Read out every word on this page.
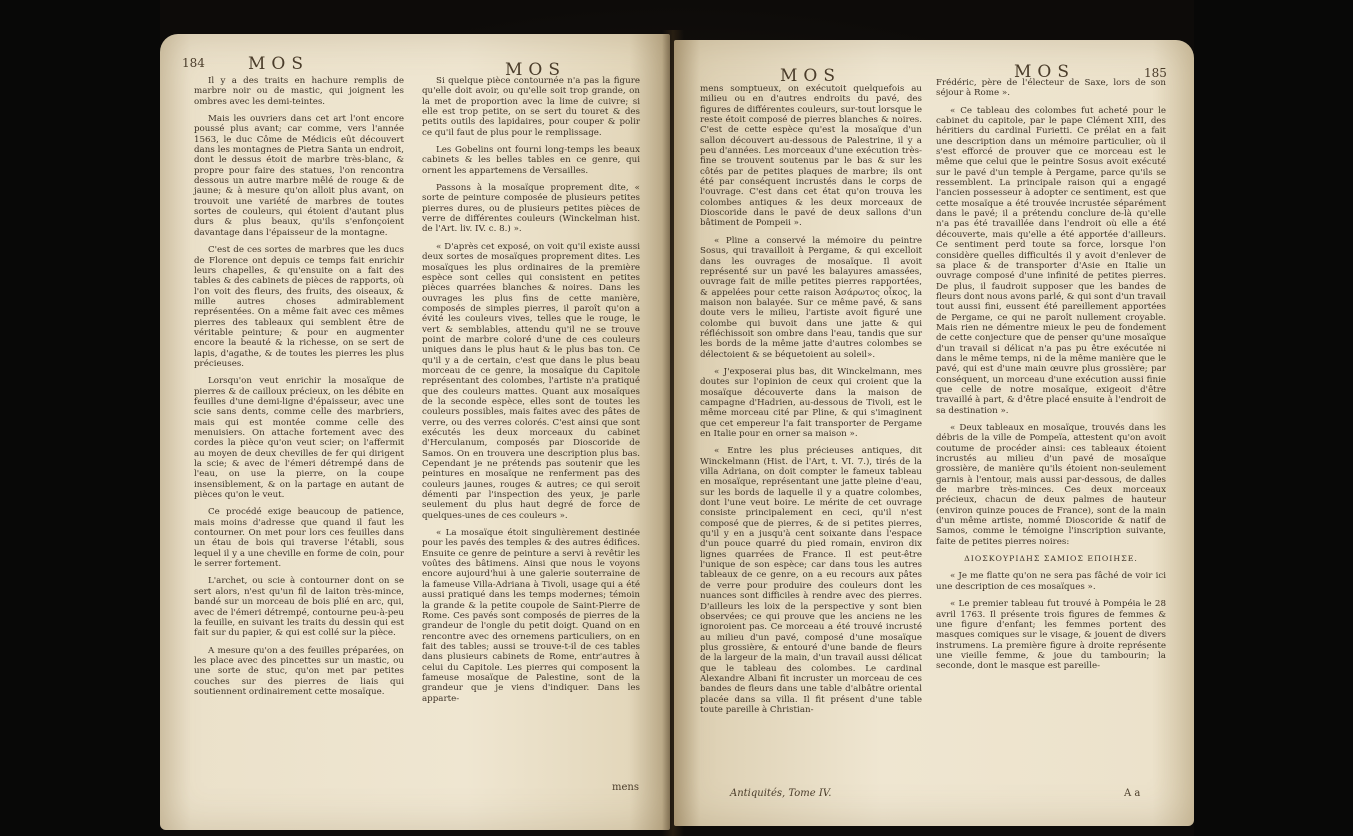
184	MOS	MOS

Il y a des traits en hachure remplis de marbre noir ou de mastic, qui joignent les ombres avec les demi-teintes.

Mais les ouvriers dans cet art l'ont encore poussé plus avant; car comme, vers l'année 1563, le duc Côme de Médicis eût découvert dans les montagnes de Pietra Santa un endroit, dont le dessus étoit de marbre très-blanc, & propre pour faire des statues, l'on rencontra dessous un autre marbre mêlé de rouge & de jaune; & à mesure qu'on alloit plus avant, on trouvoit une variété de marbres de toutes sortes de couleurs, qui étoient d'autant plus durs & plus beaux, qu'ils s'enfonçoient davantage dans l'épaisseur de la montagne.

C'est de ces sortes de marbres que les ducs de Florence ont depuis ce temps fait enrichir leurs chapelles, & qu'ensuite on a fait des tables & des cabinets de pièces de rapports, où l'on voit des fleurs, des fruits, des oiseaux, & mille autres choses admirablement représentées. On a même fait avec ces mêmes pierres des tableaux qui semblent être de véritable peinture; & pour en augmenter encore la beauté & la richesse, on se sert de lapis, d'agathe, & de toutes les pierres les plus précieuses.

Lorsqu'on veut enrichir la mosaïque de pierres & de cailloux précieux, on les débite en feuilles d'une demi-ligne d'épaisseur, avec une scie sans dents, comme celle des marbriers, mais qui est montée comme celle des menuisiers. On attache fortement avec des cordes la pièce qu'on veut scier; on l'affermit au moyen de deux chevilles de fer qui dirigent la scie; & avec de l'émeri détrempé dans de l'eau, on use la pierre, on la coupe insensiblement, & on la partage en autant de pièces qu'on le veut.

Ce procédé exige beaucoup de patience, mais moins d'adresse que quand il faut les contourner. On met pour lors ces feuilles dans un étau de bois qui traverse l'établi, sous lequel il y a une cheville en forme de coin, pour le serrer fortement.

L'archet, ou scie à contourner dont on se sert alors, n'est qu'un fil de laiton très-mince, bandé sur un morceau de bois plié en arc, qui, avec de l'émeri détrempé, contourne peu-à-peu la feuille, en suivant les traits du dessin qui est fait sur du papier, & qui est collé sur la pièce.

A mesure qu'on a des feuilles préparées, on les place avec des pincettes sur un mastic, ou une sorte de stuc, qu'on met par petites couches sur des pierres de liais qui soutiennent ordinairement cette mosaïque.

Si quelque pièce contournée n'a pas la figure qu'elle doit avoir, ou qu'elle soit trop grande, on la met de proportion avec la lime de cuivre; si elle est trop petite, on se sert du touret & des petits outils des lapidaires, pour couper & polir ce qu'il faut de plus pour le remplissage.

Les Gobelins ont fourni long-temps les beaux cabinets & les belles tables en ce genre, qui ornent les appartemens de Versailles.

Passons à la mosaïque proprement dite, « sorte de peinture composée de plusieurs petites pierres dures, ou de plusieurs petites pièces de verre de différentes couleurs (Winckelman hist. de l'Art. liv. IV. c. 8.) ».

« D'après cet exposé, on voit qu'il existe aussi deux sortes de mosaïques proprement dites. Les mosaïques les plus ordinaires de la première espèce sont celles qui consistent en petites pièces quarrées blanches & noires. Dans les ouvrages les plus fins de cette manière, composés de simples pierres, il paroît qu'on a évité les couleurs vives, telles que le rouge, le vert & semblables, attendu qu'il ne se trouve point de marbre coloré d'une de ces couleurs uniques dans le plus haut & le plus bas ton. Ce qu'il y a de certain, c'est que dans le plus beau morceau de ce genre, la mosaïque du Capitole représentant des colombes, l'artiste n'a pratiqué que des couleurs mattes. Quant aux mosaïques de la seconde espèce, elles sont de toutes les couleurs possibles, mais faites avec des pâtes de verre, ou des verres colorés. C'est ainsi que sont exécutés les deux morceaux du cabinet d'Herculanum, composés par Dioscoride de Samos. On en trouvera une description plus bas. Cependant je ne prétends pas soutenir que les peintures en mosaïque ne renferment pas des couleurs jaunes, rouges & autres; ce qui seroit démenti par l'inspection des yeux, je parle seulement du plus haut degré de force de quelques-unes de ces couleurs ».

« La mosaïque étoit singulièrement destinée pour les pavés des temples & des autres édifices. Ensuite ce genre de peinture a servi à revêtir les voûtes des bâtimens. Ainsi que nous le voyons encore aujourd'hui à une galerie souterraine de la fameuse Villa-Adriana à Tivoli, usage qui a été aussi pratiqué dans les temps modernes; témoin la grande & la petite coupole de Saint-Pierre de Rome. Ces pavés sont composés de pierres de la grandeur de l'ongle du petit doigt. Quand on en rencontre avec des ornemens particuliers, on en fait des tables; aussi se trouve-t-il de ces tables dans plusieurs cabinets de Rome, entr'autres à celui du Capitole. Les pierres qui composent la fameuse mosaïque de Palestine, sont de la grandeur que je viens d'indiquer. Dans les apparte-

mens
MOS	MOS	185

mens somptueux, on exécutoit quelquefois au milieu ou en d'autres endroits du pavé, des figures de différentes couleurs, sur-tout lorsque le reste étoit composé de pierres blanches & noires. C'est de cette espèce qu'est la mosaïque d'un sallon découvert au-dessous de Palestrine, il y a peu d'années. Les morceaux d'une exécution très-fine se trouvent soutenus par le bas & sur les côtés par de petites plaques de marbre; ils ont été par conséquent incrustés dans le corps de l'ouvrage. C'est dans cet état qu'on trouva les colombes antiques & les deux morceaux de Dioscoride dans le pavé de deux sallons d'un bâtiment de Pompeii ».

« Pline a conservé la mémoire du peintre Sosus, qui travailloit à Pergame, & qui excelloit dans les ouvrages de mosaïque. Il avoit représenté sur un pavé les balayures amassées, ouvrage fait de mille petites pierres rapportées, & appelées pour cette raison Ἀσάρωτος οἶκος, la maison non balayée. Sur ce même pavé, & sans doute vers le milieu, l'artiste avoit figuré une colombe qui buvoit dans une jatte & qui réfléchissoit son ombre dans l'eau, tandis que sur les bords de la même jatte d'autres colombes se délectoient & se béquetoient au soleil».

« J'exposerai plus bas, dit Winckelmann, mes doutes sur l'opinion de ceux qui croient que la mosaïque découverte dans la maison de campagne d'Hadrien, au-dessous de Tivoli, est le même morceau cité par Pline, & qui s'imaginent que cet empereur l'a fait transporter de Pergame en Italie pour en orner sa maison ».

« Entre les plus précieuses antiques, dit Winckelmann (Hist. de l'Art, t. VI. 7.), tirés de la villa Adriana, on doit compter le fameux tableau en mosaïque, représentant une jatte pleine d'eau, sur les bords de laquelle il y a quatre colombes, dont l'une veut boire. Le mérite de cet ouvrage consiste principalement en ceci, qu'il n'est composé que de pierres, & de si petites pierres, qu'il y en a jusqu'à cent soixante dans l'espace d'un pouce quarré du pied romain, environ dix lignes quarrées de France. Il est peut-être l'unique de son espèce; car dans tous les autres tableaux de ce genre, on a eu recours aux pâtes de verre pour produire des couleurs dont les nuances sont difficiles à rendre avec des pierres. D'ailleurs les loix de la perspective y sont bien observées; ce qui prouve que les anciens ne les ignoroient pas. Ce morceau a été trouvé incrusté au milieu d'un pavé, composé d'une mosaïque plus grossière, & entouré d'une bande de fleurs de la largeur de la main, d'un travail aussi délicat que le tableau des colombes. Le cardinal Alexandre Albani fit incruster un morceau de ces bandes de fleurs dans une table d'albâtre oriental placée dans sa villa. Il fit présent d'une table toute pareille à Christian-

Frédéric, père de l'électeur de Saxe, lors de son séjour à Rome ».

« Ce tableau des colombes fut acheté pour le cabinet du capitole, par le pape Clément XIII, des héritiers du cardinal Furietti. Ce prélat en a fait une description dans un mémoire particulier, où il s'est efforcé de prouver que ce morceau est le même que celui que le peintre Sosus avoit exécuté sur le pavé d'un temple à Pergame, parce qu'ils se ressemblent. La principale raison qui a engagé l'ancien possesseur à adopter ce sentiment, est que cette mosaïque a été trouvée incrustée séparément dans le pavé; il a prétendu conclure de-là qu'elle n'a pas été travaillée dans l'endroit où elle a été découverte, mais qu'elle a été apportée d'ailleurs. Ce sentiment perd toute sa force, lorsque l'on considère quelles difficultés il y avoit d'enlever de sa place & de transporter d'Asie en Italie un ouvrage composé d'une infinité de petites pierres. De plus, il faudroit supposer que les bandes de fleurs dont nous avons parlé, & qui sont d'un travail tout aussi fini, eussent été pareillement apportées de Pergame, ce qui ne paroît nullement croyable. Mais rien ne démentre mieux le peu de fondement de cette conjecture que de penser qu'une mosaïque d'un travail si délicat n'a pas pu être exécutée ni dans le même temps, ni de la même manière que le pavé, qui est d'une main œuvre plus grossière; par conséquent, un morceau d'une exécution aussi finie que celle de notre mosaïque, exigeoit d'être travaillé à part, & d'être placé ensuite à l'endroit de sa destination ».

« Deux tableaux en mosaïque, trouvés dans les débris de la ville de Pompeïa, attestent qu'on avoit coutume de procéder ainsi: ces tableaux étoient incrustés au milieu d'un pavé de mosaïque grossière, de manière qu'ils étoient non-seulement garnis à l'entour, mais aussi par-dessous, de dalles de marbre très-minces. Ces deux morceaux précieux, chacun de deux palmes de hauteur (environ quinze pouces de France), sont de la main d'un même artiste, nommé Dioscoride & natif de Samos, comme le témoigne l'inscription suivante, faite de petites pierres noires:

ΔΙΟΣΚΟΥΡΙΔΗΣ ΣΑΜΙΟΣ ΕΠΟΙΗΣΕ.

« Je me flatte qu'on ne sera pas fâché de voir ici une description de ces mosaïques ».

« Le premier tableau fut trouvé à Pompéia le 28 avril 1763. Il présente trois figures de femmes & une figure d'enfant; les femmes portent des masques comiques sur le visage, & jouent de divers instrumens. La première figure à droite représente une vieille femme, & joue du tambourin; la seconde, dont le masque est pareille-

Antiquités, Tome IV.	A a
